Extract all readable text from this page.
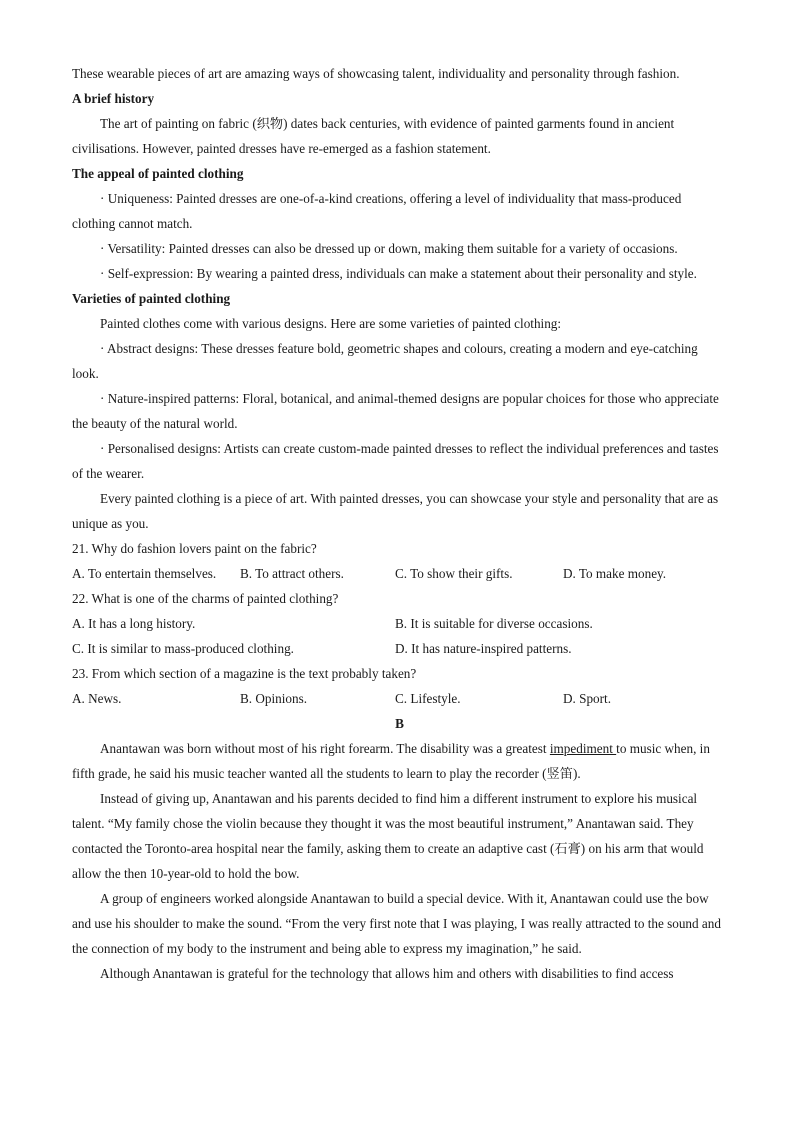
These wearable pieces of art are amazing ways of showcasing talent, individuality and personality through fashion.

A brief history

The art of painting on fabric (织物) dates back centuries, with evidence of painted garments found in ancient civilisations. However, painted dresses have re-emerged as a fashion statement.

The appeal of painted clothing

· Uniqueness: Painted dresses are one-of-a-kind creations, offering a level of individuality that mass-produced clothing cannot match.

· Versatility: Painted dresses can also be dressed up or down, making them suitable for a variety of occasions.

· Self-expression: By wearing a painted dress, individuals can make a statement about their personality and style.

Varieties of painted clothing

Painted clothes come with various designs. Here are some varieties of painted clothing:

· Abstract designs: These dresses feature bold, geometric shapes and colours, creating a modern and eye-catching look.

· Nature-inspired patterns: Floral, botanical, and animal-themed designs are popular choices for those who appreciate the beauty of the natural world.

· Personalised designs: Artists can create custom-made painted dresses to reflect the individual preferences and tastes of the wearer.

Every painted clothing is a piece of art. With painted dresses, you can showcase your style and personality that are as unique as you.

21. Why do fashion lovers paint on the fabric?

A. To entertain themselves. B. To attract others.	C. To show their gifts.	D. To make money.

22. What is one of the charms of painted clothing?

A. It has a long history.	B. It is suitable for diverse occasions.
C. It is similar to mass-produced clothing.	D. It has nature-inspired patterns.

23. From which section of a magazine is the text probably taken?

A. News.	B. Opinions.	C. Lifestyle.	D. Sport.

B

Anantawan was born without most of his right forearm. The disability was a greatest impediment to music when, in fifth grade, he said his music teacher wanted all the students to learn to play the recorder (竖笛).

Instead of giving up, Anantawan and his parents decided to find him a different instrument to explore his musical talent. “My family chose the violin because they thought it was the most beautiful instrument,” Anantawan said. They contacted the Toronto-area hospital near the family, asking them to create an adaptive cast (石膏) on his arm that would allow the then 10-year-old to hold the bow.

A group of engineers worked alongside Anantawan to build a special device. With it, Anantawan could use the bow and use his shoulder to make the sound. “From the very first note that I was playing, I was really attracted to the sound and the connection of my body to the instrument and being able to express my imagination,” he said.

Although Anantawan is grateful for the technology that allows him and others with disabilities to find access
